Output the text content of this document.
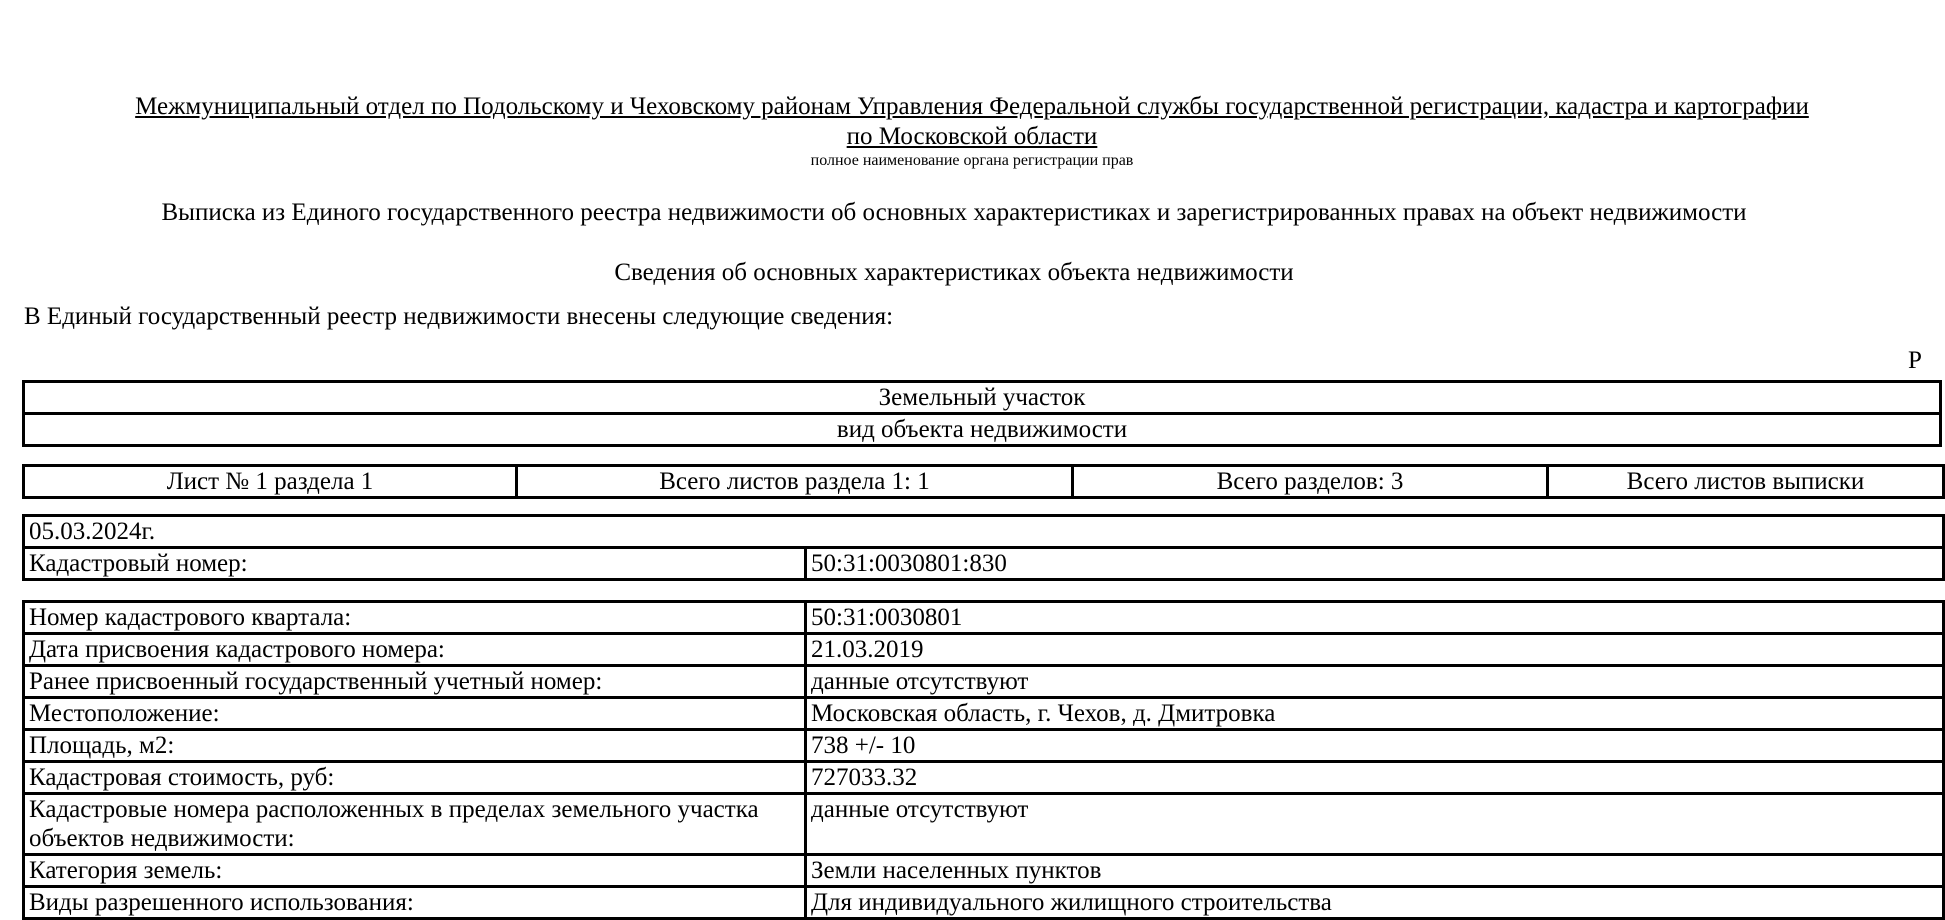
Межмуниципальный отдел по Подольскому и Чеховскому районам Управления Федеральной службы государственной регистрации, кадастра и картографии
по Московской области
полное наименование органа регистрации прав
Выписка из Единого государственного реестра недвижимости об основных характеристиках и зарегистрированных правах на объект недвижимости
Сведения об основных характеристиках объекта недвижимости
В Единый государственный реестр недвижимости внесены следующие сведения:
Р
Земельный участок
вид объекта недвижимости
Лист № 1 раздела 1	Всего листов раздела 1: 1	Всего разделов: 3	Всего листов выписки
05.03.2024г.
Кадастровый номер:	50:31:0030801:830
Номер кадастрового квартала:	50:31:0030801
Дата присвоения кадастрового номера:	21.03.2019
Ранее присвоенный государственный учетный номер:	данные отсутствуют
Местоположение:	Московская область, г. Чехов, д. Дмитровка
Площадь, м2:	738 +/- 10
Кадастровая стоимость, руб:	727033.32
Кадастровые номера расположенных в пределах земельного участка объектов недвижимости:	данные отсутствуют
Категория земель:	Земли населенных пунктов
Виды разрешенного использования:	Для индивидуального жилищного строительства
